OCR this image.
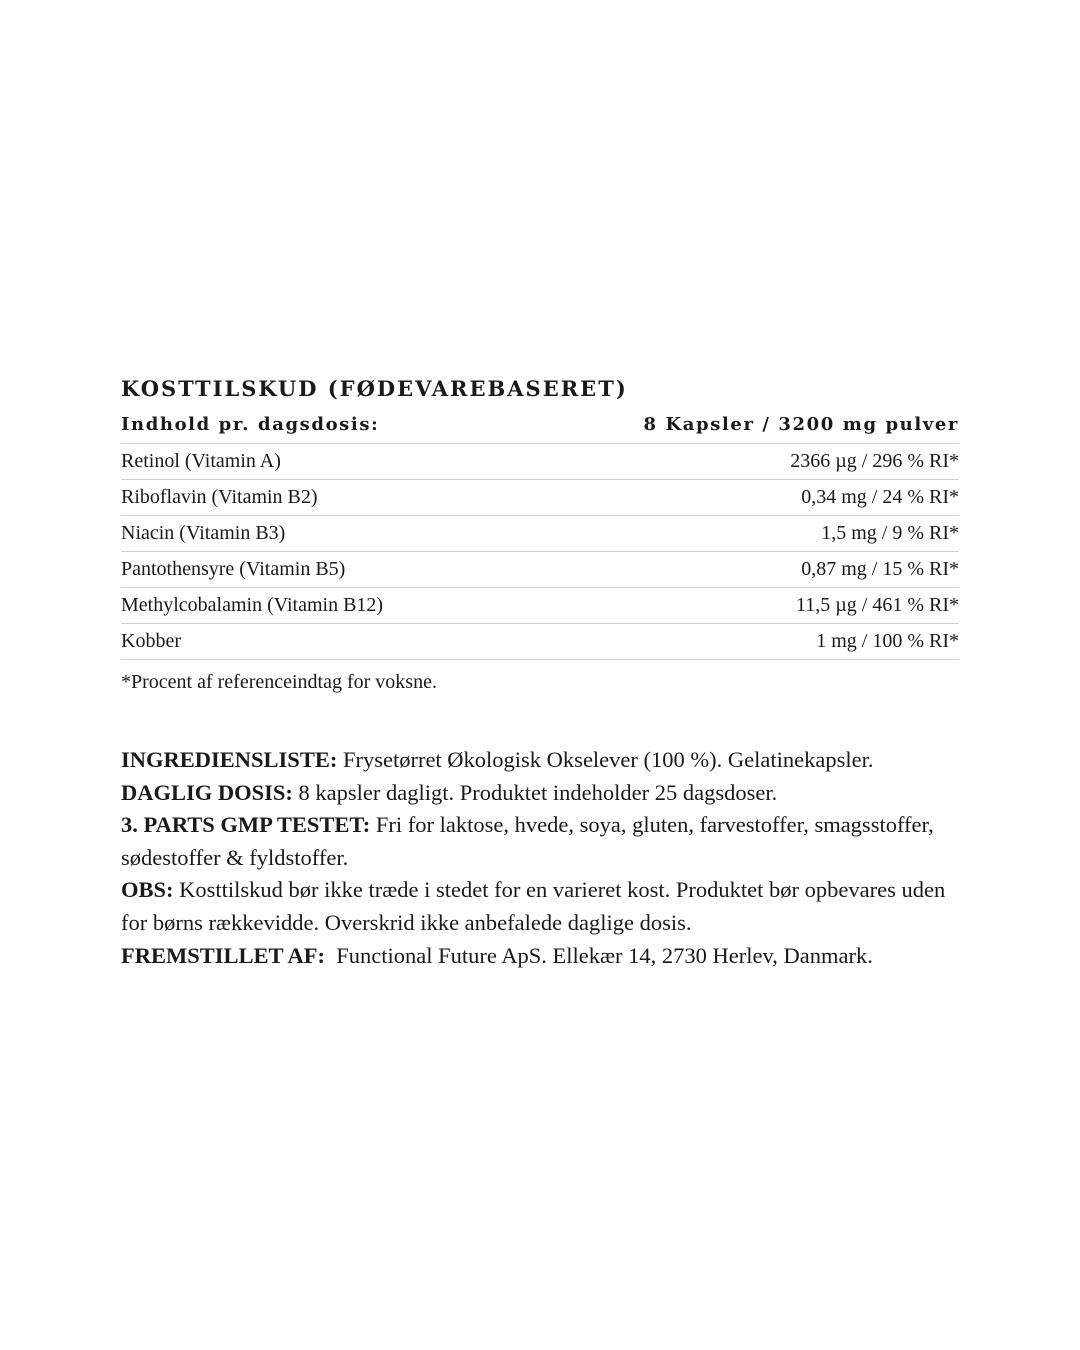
KOSTTILSKUD (FØDEVAREBASERET)
Indhold pr. dagsdosis:	8 Kapsler / 3200 mg pulver
Retinol (Vitamin A)	2366 µg / 296 % RI*
Riboflavin (Vitamin B2)	0,34 mg / 24 % RI*
Niacin (Vitamin B3)	1,5 mg / 9 % RI*
Pantothensyre (Vitamin B5)	0,87 mg / 15 % RI*
Methylcobalamin (Vitamin B12)	11,5 µg / 461 % RI*
Kobber	1 mg / 100 % RI*
*Procent af referenceindtag for voksne.

INGREDIENSLISTE: Frysetørret Økologisk Okselever (100 %). Gelatinekapsler.

DAGLIG DOSIS: 8 kapsler dagligt. Produktet indeholder 25 dagsdoser.

3. PARTS GMP TESTET: Fri for laktose, hvede, soya, gluten, farvestoffer, smagsstoffer, sødestoffer & fyldstoffer.

OBS: Kosttilskud bør ikke træde i stedet for en varieret kost. Produktet bør opbevares uden for børns rækkevidde. Overskrid ikke anbefalede daglige dosis.

FREMSTILLET AF:  Functional Future ApS. Ellekær 14, 2730 Herlev, Danmark.
